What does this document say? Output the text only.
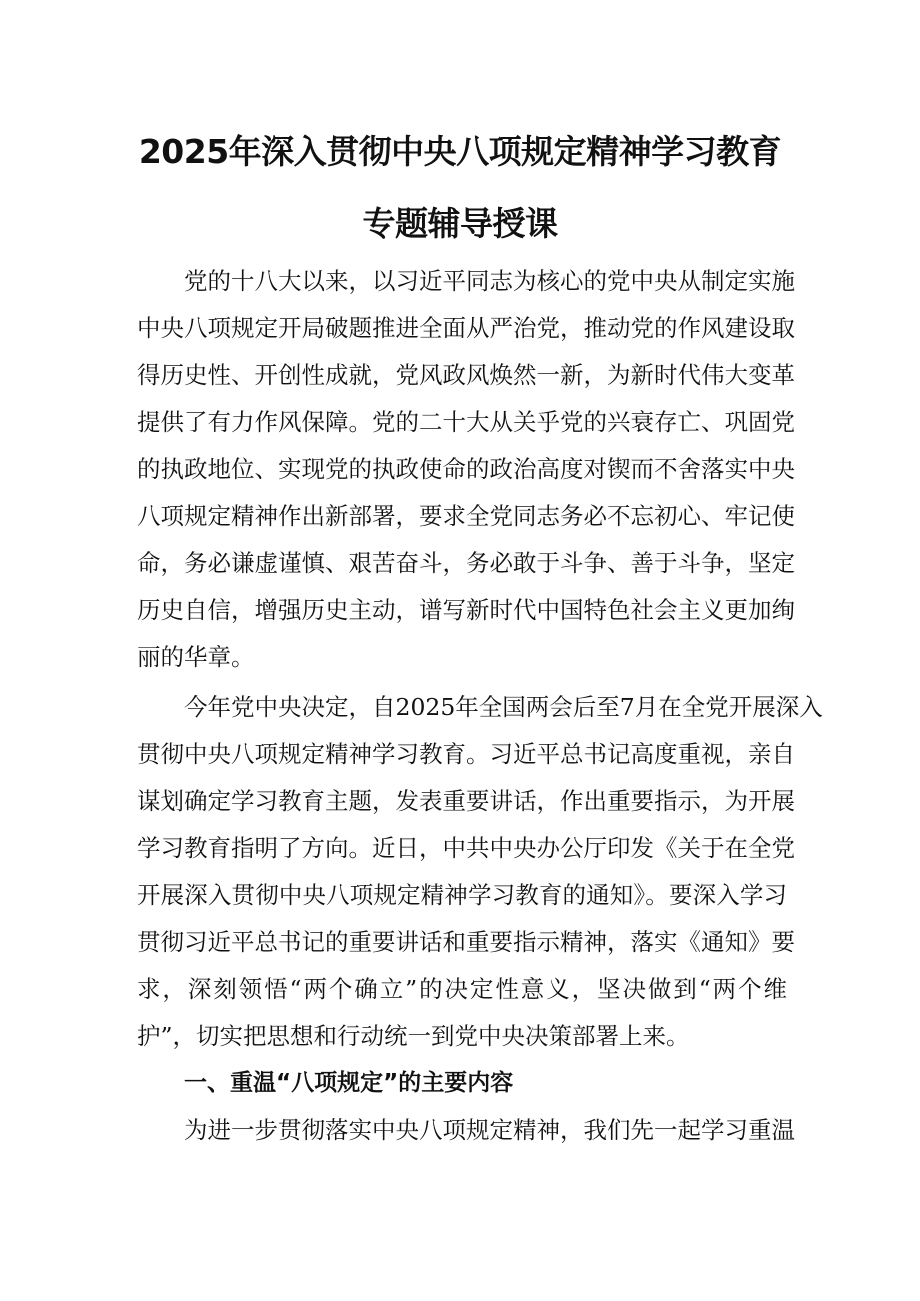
2025年深入贯彻中央八项规定精神学习教育
专题辅导授课
党的十八大以来，以习近平同志为核心的党中央从制定实施
中央八项规定开局破题推进全面从严治党，推动党的作风建设取
得历史性、开创性成就，党风政风焕然一新，为新时代伟大变革
提供了有力作风保障。党的二十大从关乎党的兴衰存亡、巩固党
的执政地位、实现党的执政使命的政治高度对锲而不舍落实中央
八项规定精神作出新部署，要求全党同志务必不忘初心、牢记使
命，务必谦虚谨慎、艰苦奋斗，务必敢于斗争、善于斗争，坚定
历史自信，增强历史主动，谱写新时代中国特色社会主义更加绚
丽的华章。
今年党中央决定，自2025年全国两会后至7月在全党开展深入
贯彻中央八项规定精神学习教育。习近平总书记高度重视，亲自
谋划确定学习教育主题，发表重要讲话，作出重要指示，为开展
学习教育指明了方向。近日，中共中央办公厅印发《关于在全党
开展深入贯彻中央八项规定精神学习教育的通知》。要深入学习
贯彻习近平总书记的重要讲话和重要指示精神，落实《通知》要
求，深刻领悟“两个确立”的决定性意义，坚决做到“两个维
护”，切实把思想和行动统一到党中央决策部署上来。
一、重温“八项规定”的主要内容
为进一步贯彻落实中央八项规定精神，我们先一起学习重温
